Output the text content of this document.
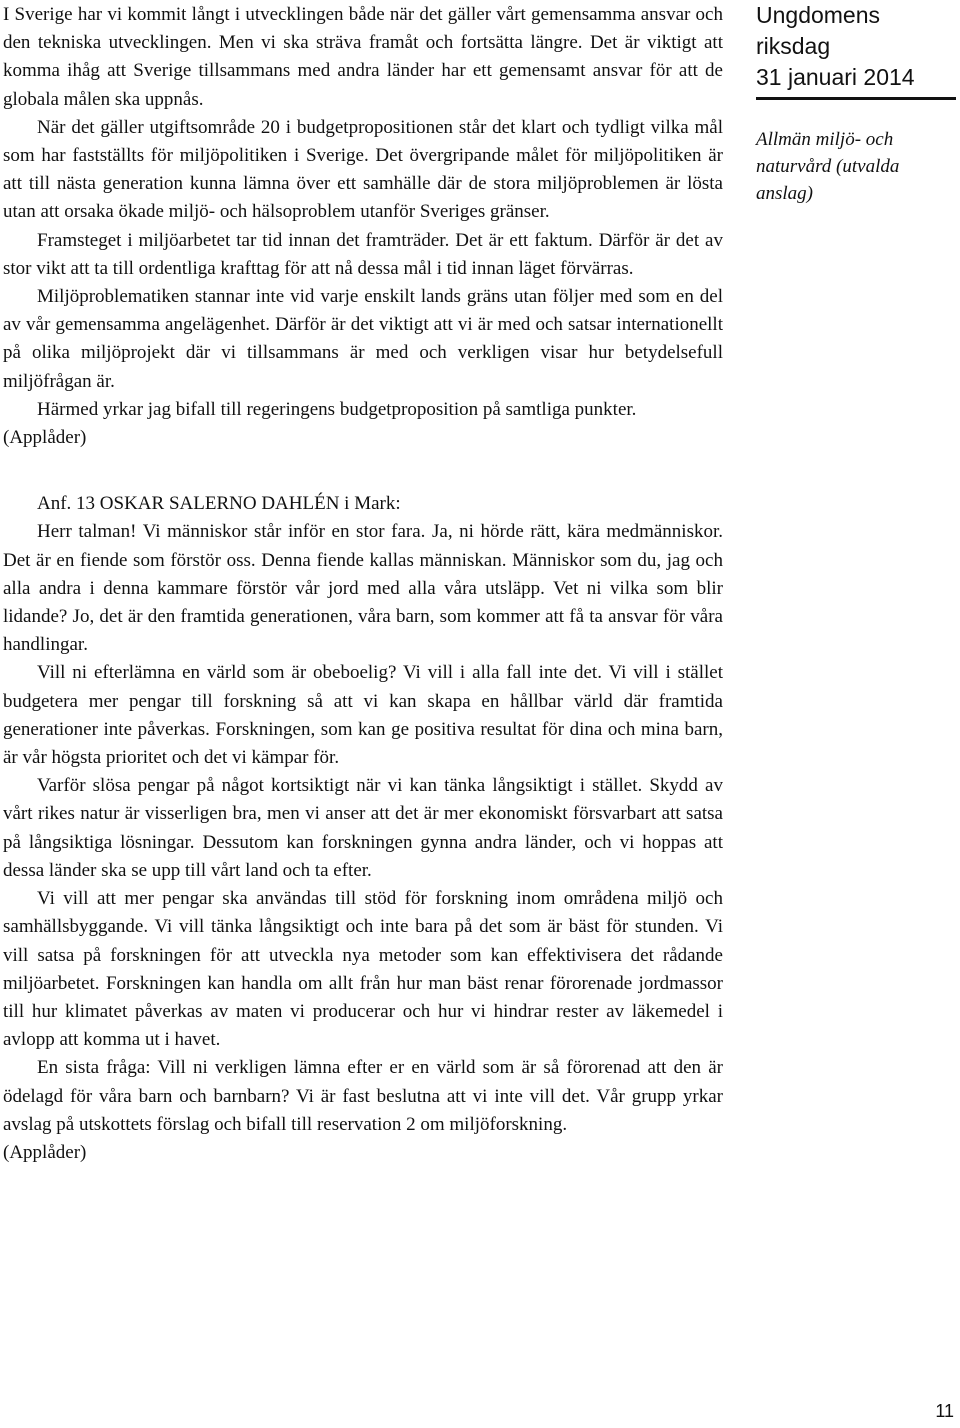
I Sverige har vi kommit långt i utvecklingen både när det gäller vårt gemensamma ansvar och den tekniska utvecklingen. Men vi ska sträva framåt och fortsätta längre. Det är viktigt att komma ihåg att Sverige tillsammans med andra länder har ett gemensamt ansvar för att de globala målen ska uppnås.

När det gäller utgiftsområde 20 i budgetpropositionen står det klart och tydligt vilka mål som har fastställts för miljöpolitiken i Sverige. Det övergripande målet för miljöpolitiken är att till nästa generation kunna lämna över ett samhälle där de stora miljöproblemen är lösta utan att orsaka ökade miljö- och hälsoproblem utanför Sveriges gränser.

Framsteget i miljöarbetet tar tid innan det framträder. Det är ett faktum. Därför är det av stor vikt att ta till ordentliga krafttag för att nå dessa mål i tid innan läget förvärras.

Miljöproblematiken stannar inte vid varje enskilt lands gräns utan följer med som en del av vår gemensamma angelägenhet. Därför är det viktigt att vi är med och satsar internationellt på olika miljöprojekt där vi tillsammans är med och verkligen visar hur betydelsefull miljöfrågan är.

Härmed yrkar jag bifall till regeringens budgetproposition på samtliga punkter.

(Applåder)
Anf. 13 OSKAR SALERNO DAHLÉN i Mark:

Herr talman! Vi människor står inför en stor fara. Ja, ni hörde rätt, kära medmänniskor. Det är en fiende som förstör oss. Denna fiende kallas människan. Människor som du, jag och alla andra i denna kammare förstör vår jord med alla våra utsläpp. Vet ni vilka som blir lidande? Jo, det är den framtida generationen, våra barn, som kommer att få ta ansvar för våra handlingar.

Vill ni efterlämna en värld som är obeboelig? Vi vill i alla fall inte det. Vi vill i stället budgetera mer pengar till forskning så att vi kan skapa en hållbar värld där framtida generationer inte påverkas. Forskningen, som kan ge positiva resultat för dina och mina barn, är vår högsta prioritet och det vi kämpar för.

Varför slösa pengar på något kortsiktigt när vi kan tänka långsiktigt i stället. Skydd av vårt rikes natur är visserligen bra, men vi anser att det är mer ekonomiskt försvarbart att satsa på långsiktiga lösningar. Dessutom kan forskningen gynna andra länder, och vi hoppas att dessa länder ska se upp till vårt land och ta efter.

Vi vill att mer pengar ska användas till stöd för forskning inom områdena miljö och samhällsbyggande. Vi vill tänka långsiktigt och inte bara på det som är bäst för stunden. Vi vill satsa på forskningen för att utveckla nya metoder som kan effektivisera det rådande miljöarbetet. Forskningen kan handla om allt från hur man bäst renar förorenade jordmassor till hur klimatet påverkas av maten vi producerar och hur vi hindrar rester av läkemedel i avlopp att komma ut i havet.

En sista fråga: Vill ni verkligen lämna efter er en värld som är så förorenad att den är ödelagd för våra barn och barnbarn? Vi är fast beslutna att vi inte vill det. Vår grupp yrkar avslag på utskottets förslag och bifall till reservation 2 om miljöforskning.

(Applåder)
Ungdomens
riksdag
31 januari 2014
Allmän miljö- och naturvård (utvalda anslag)
11
